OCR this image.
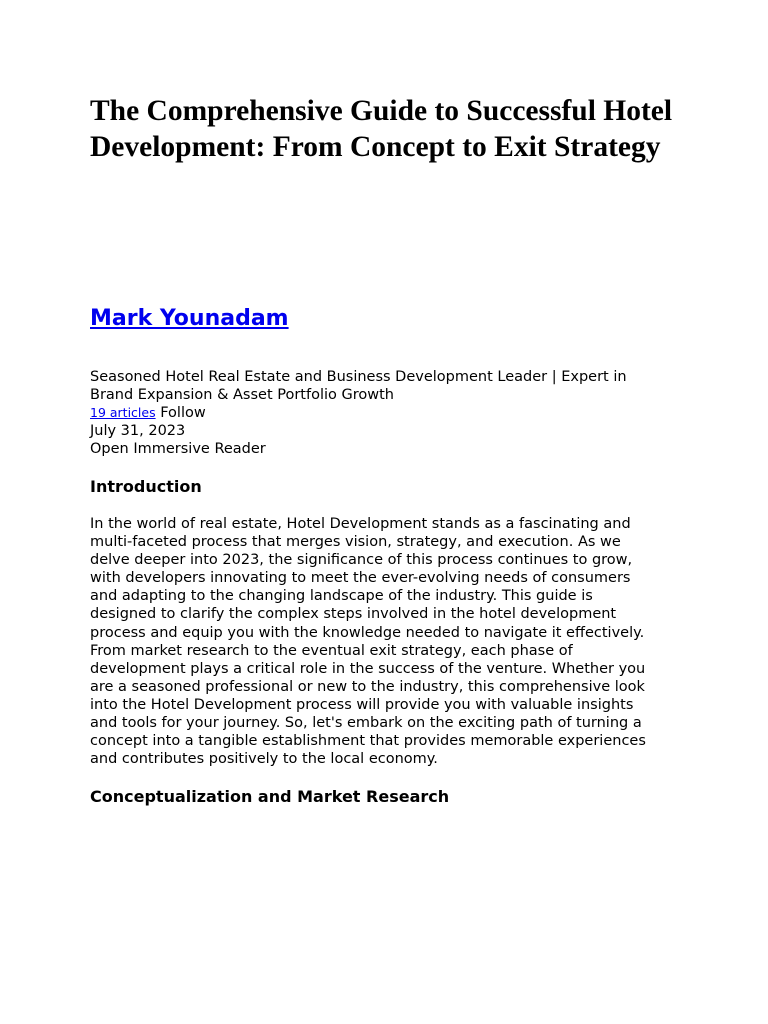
The Comprehensive Guide to Successful Hotel Development: From Concept to Exit Strategy
Mark Younadam
Seasoned Hotel Real Estate and Business Development Leader | Expert in
Brand Expansion & Asset Portfolio Growth
19 articles Follow
July 31, 2023
Open Immersive Reader
Introduction

In the world of real estate, Hotel Development stands as a fascinating and
multi-faceted process that merges vision, strategy, and execution. As we
delve deeper into 2023, the significance of this process continues to grow,
with developers innovating to meet the ever-evolving needs of consumers
and adapting to the changing landscape of the industry. This guide is
designed to clarify the complex steps involved in the hotel development
process and equip you with the knowledge needed to navigate it effectively.
From market research to the eventual exit strategy, each phase of
development plays a critical role in the success of the venture. Whether you
are a seasoned professional or new to the industry, this comprehensive look
into the Hotel Development process will provide you with valuable insights
and tools for your journey. So, let's embark on the exciting path of turning a
concept into a tangible establishment that provides memorable experiences
and contributes positively to the local economy.

Conceptualization and Market Research
